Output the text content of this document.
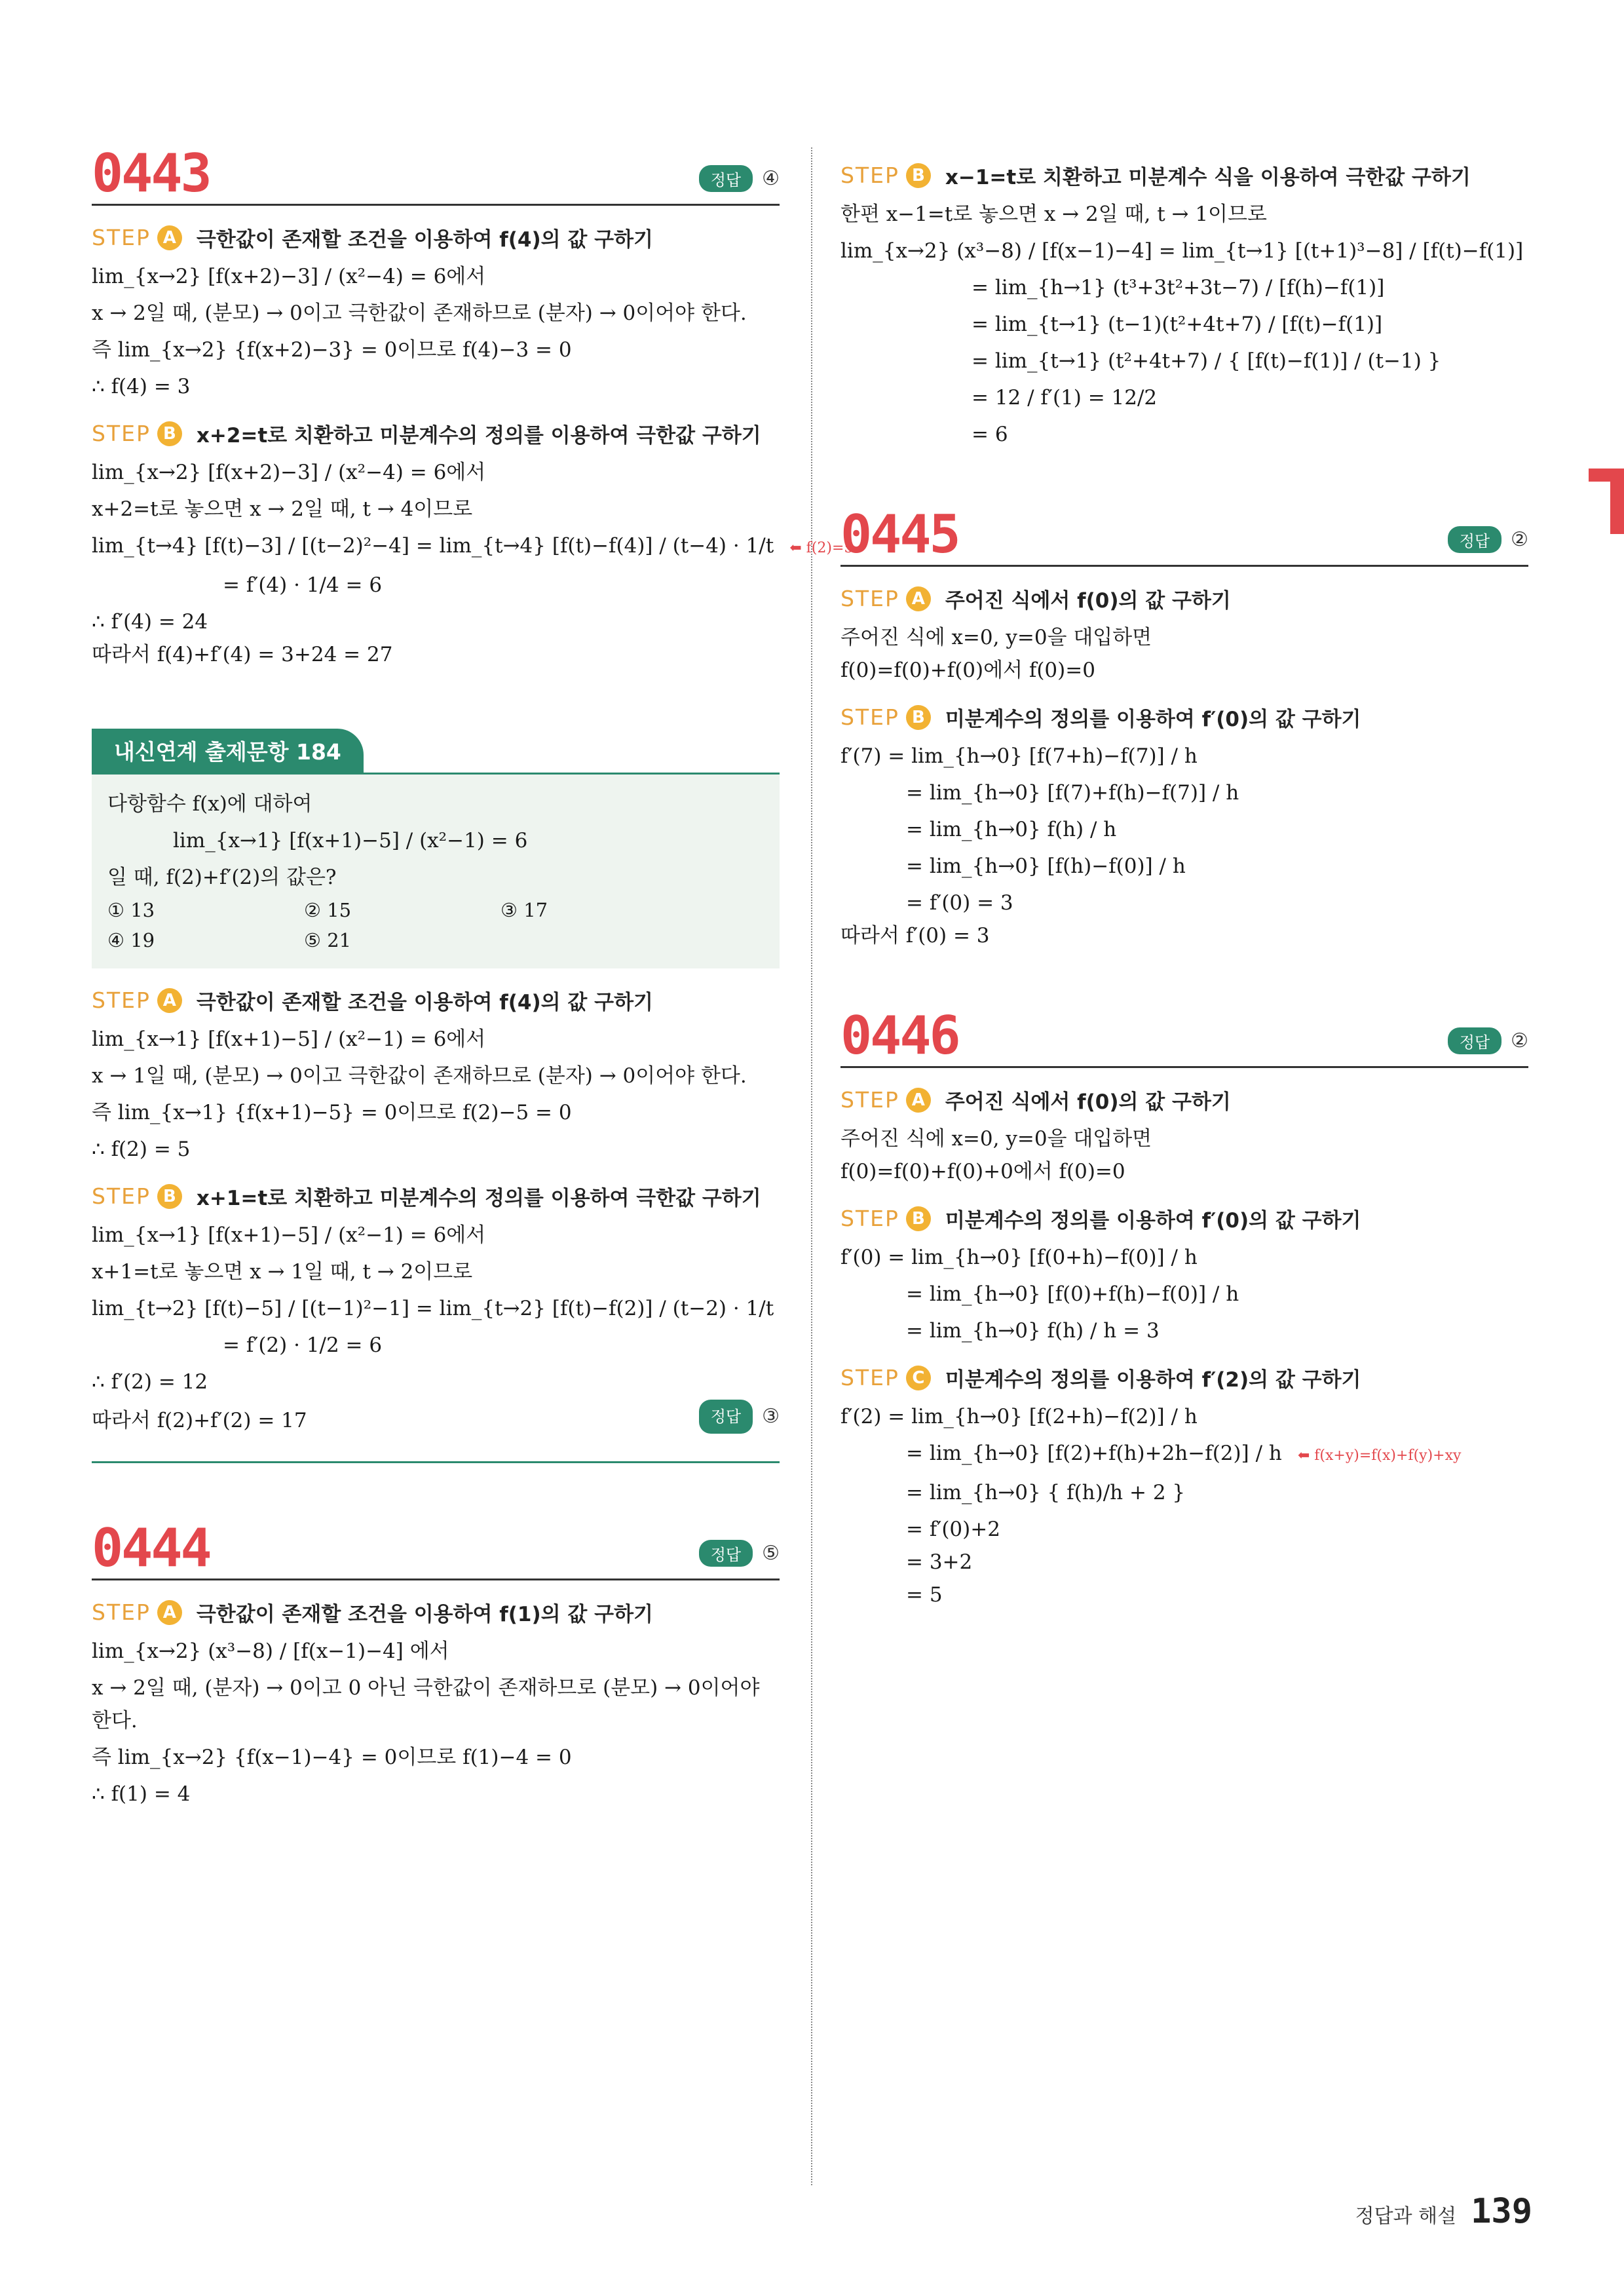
0443	정답	④
STEP A 극한값이 존재할 조건을 이용하여 f(4)의 값 구하기
lim_{x→2} [f(x+2)−3] / (x²−4) = 6에서
x → 2일 때, (분모) → 0이고 극한값이 존재하므로 (분자) → 0이어야 한다.
즉 lim_{x→2} {f(x+2)−3} = 0이므로 f(4)−3 = 0
∴ f(4) = 3
STEP B x+2=t로 치환하고 미분계수의 정의를 이용하여 극한값 구하기
lim_{x→2} [f(x+2)−3] / (x²−4) = 6에서
x+2=t로 놓으면 x → 2일 때, t → 4이므로
lim_{t→4} [f(t)−3] / [(t−2)²−4] = lim_{t→4} [f(t)−f(4)] / (t−4) · 1/t ⬅ f(2)=5
= f′(4) · 1/4 = 6
∴ f′(4) = 24
따라서 f(4)+f′(4) = 3+24 = 27
내신연계 출제문항 184
다항함수 f(x)에 대하여
lim_{x→1} [f(x+1)−5] / (x²−1) = 6
일 때, f(2)+f′(2)의 값은?
① 13	② 15	③ 17
④ 19	⑤ 21
STEP A 극한값이 존재할 조건을 이용하여 f(4)의 값 구하기
lim_{x→1} [f(x+1)−5] / (x²−1) = 6에서
x → 1일 때, (분모) → 0이고 극한값이 존재하므로 (분자) → 0이어야 한다.
즉 lim_{x→1} {f(x+1)−5} = 0이므로 f(2)−5 = 0
∴ f(2) = 5
STEP B x+1=t로 치환하고 미분계수의 정의를 이용하여 극한값 구하기
lim_{x→1} [f(x+1)−5] / (x²−1) = 6에서
x+1=t로 놓으면 x → 1일 때, t → 2이므로
lim_{t→2} [f(t)−5] / [(t−1)²−1] = lim_{t→2} [f(t)−f(2)] / (t−2) · 1/t
= f′(2) · 1/2 = 6
∴ f′(2) = 12
따라서 f(2)+f′(2) = 17	정답	③
0444	정답	⑤
STEP A 극한값이 존재할 조건을 이용하여 f(1)의 값 구하기
lim_{x→2} (x³−8) / [f(x−1)−4] 에서
x → 2일 때, (분자) → 0이고 0 아닌 극한값이 존재하므로 (분모) → 0이어야
한다.
즉 lim_{x→2} {f(x−1)−4} = 0이므로 f(1)−4 = 0
∴ f(1) = 4
STEP B x−1=t로 치환하고 미분계수 식을 이용하여 극한값 구하기
한편 x−1=t로 놓으면 x → 2일 때, t → 1이므로
lim_{x→2} (x³−8) / [f(x−1)−4] = lim_{t→1} [(t+1)³−8] / [f(t)−f(1)]
= lim_{h→1} (t³+3t²+3t−7) / [f(h)−f(1)]
= lim_{t→1} (t−1)(t²+4t+7) / [f(t)−f(1)]
= lim_{t→1} (t²+4t+7) / { [f(t)−f(1)] / (t−1) }
= 12 / f′(1) = 12/2
= 6
0445	정답	②
STEP A 주어진 식에서 f(0)의 값 구하기
주어진 식에 x=0, y=0을 대입하면
f(0)=f(0)+f(0)에서 f(0)=0
STEP B 미분계수의 정의를 이용하여 f′(0)의 값 구하기
f′(7) = lim_{h→0} [f(7+h)−f(7)] / h
= lim_{h→0} [f(7)+f(h)−f(7)] / h
= lim_{h→0} f(h) / h
= lim_{h→0} [f(h)−f(0)] / h
= f′(0) = 3
따라서 f′(0) = 3
0446	정답	②
STEP A 주어진 식에서 f(0)의 값 구하기
주어진 식에 x=0, y=0을 대입하면
f(0)=f(0)+f(0)+0에서 f(0)=0
STEP B 미분계수의 정의를 이용하여 f′(0)의 값 구하기
f′(0) = lim_{h→0} [f(0+h)−f(0)] / h
= lim_{h→0} [f(0)+f(h)−f(0)] / h
= lim_{h→0} f(h) / h = 3
STEP C	미분계수의 정의를 이용하여 f′(2)의 값 구하기
f′(2) = lim_{h→0} [f(2+h)−f(2)] / h
= lim_{h→0} [f(2)+f(h)+2h−f(2)] / h ⬅ f(x+y)=f(x)+f(y)+xy
= lim_{h→0} { f(h)/h + 2 }
= f′(0)+2
= 3+2
= 5
정답과 해설 139
